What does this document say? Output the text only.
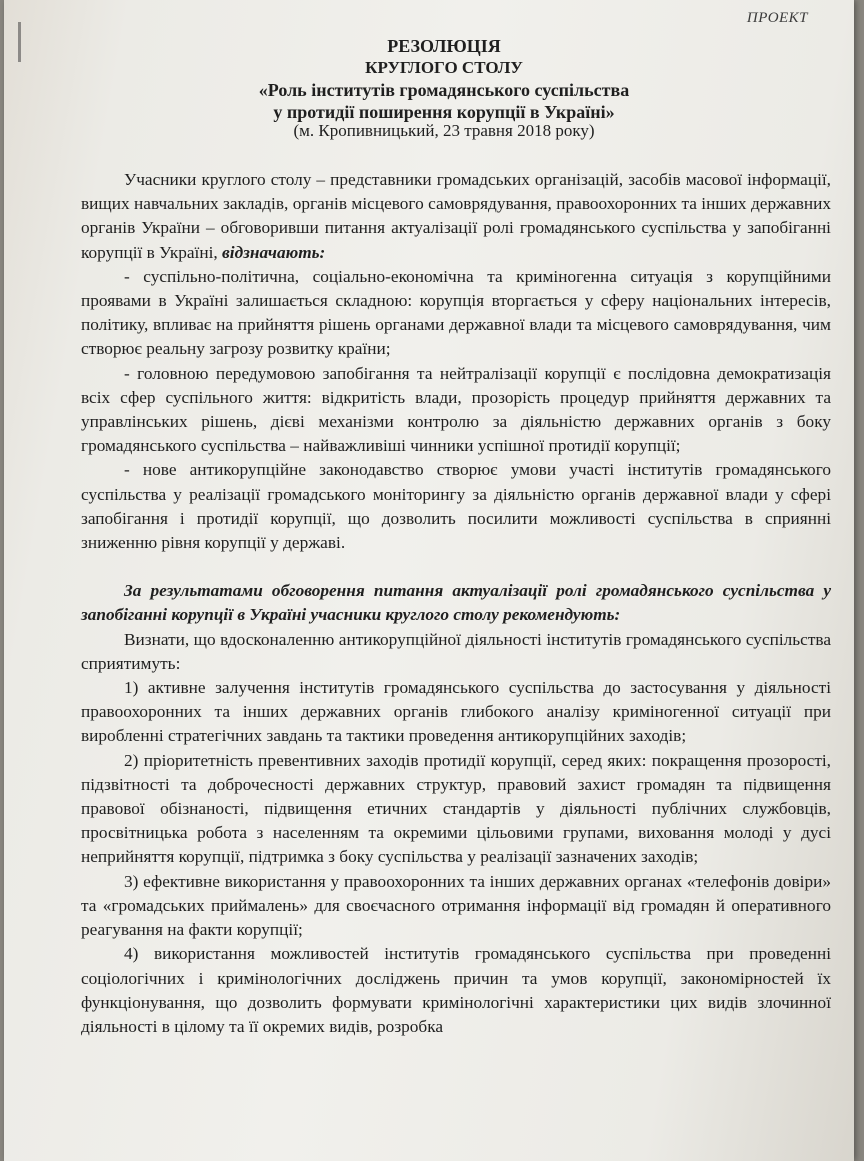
ПРОЕКТ
РЕЗОЛЮЦІЯ
КРУГЛОГО СТОЛУ
«Роль інститутів громадянського суспільства
у протидії поширення корупції в Україні»
(м. Кропивницький, 23 травня 2018 року)

Учасники круглого столу – представники громадських організацій, засобів масової інформації, вищих навчальних закладів, органів місцевого самоврядування, правоохоронних та інших державних органів України – обговоривши питання актуалізації ролі громадянського суспільства у запобіганні корупції в Україні, відзначають:

- суспільно-політична, соціально-економічна та криміногенна ситуація з корупційними проявами в Україні залишається складною: корупція вторгається у сферу національних інтересів, політику, впливає на прийняття рішень органами державної влади та місцевого самоврядування, чим створює реальну загрозу розвитку країни;

- головною передумовою запобігання та нейтралізації корупції є послідовна демократизація всіх сфер суспільного життя: відкритість влади, прозорість процедур прийняття державних та управлінських рішень, дієві механізми контролю за діяльністю державних органів з боку громадянського суспільства – найважливіші чинники успішної протидії корупції;

- нове антикорупційне законодавство створює умови участі інститутів громадянського суспільства у реалізації громадського моніторингу за діяльністю органів державної влади у сфері запобігання і протидії корупції, що дозволить посилити можливості суспільства в сприянні зниженню рівня корупції у державі.

За результатами обговорення питання актуалізації ролі громадянського суспільства у запобіганні корупції в Україні учасники круглого столу рекомендують:

Визнати, що вдосконаленню антикорупційної діяльності інститутів громадянського суспільства сприятимуть:

1) активне залучення інститутів громадянського суспільства до застосування у діяльності правоохоронних та інших державних органів глибокого аналізу криміногенної ситуації при виробленні стратегічних завдань та тактики проведення антикорупційних заходів;

2) пріоритетність превентивних заходів протидії корупції, серед яких: покращення прозорості, підзвітності та доброчесності державних структур, правовий захист громадян та підвищення правової обізнаності, підвищення етичних стандартів у діяльності публічних службовців, просвітницька робота з населенням та окремими цільовими групами, виховання молоді у дусі неприйняття корупції, підтримка з боку суспільства у реалізації зазначених заходів;

3) ефективне використання у правоохоронних та інших державних органах «телефонів довіри» та «громадських приймалень» для своєчасного отримання інформації від громадян й оперативного реагування на факти корупції;

4) використання можливостей інститутів громадянського суспільства при проведенні соціологічних і кримінологічних досліджень причин та умов корупції, закономірностей їх функціонування, що дозволить формувати кримінологічні характеристики цих видів злочинної діяльності в цілому та її окремих видів, розробка
